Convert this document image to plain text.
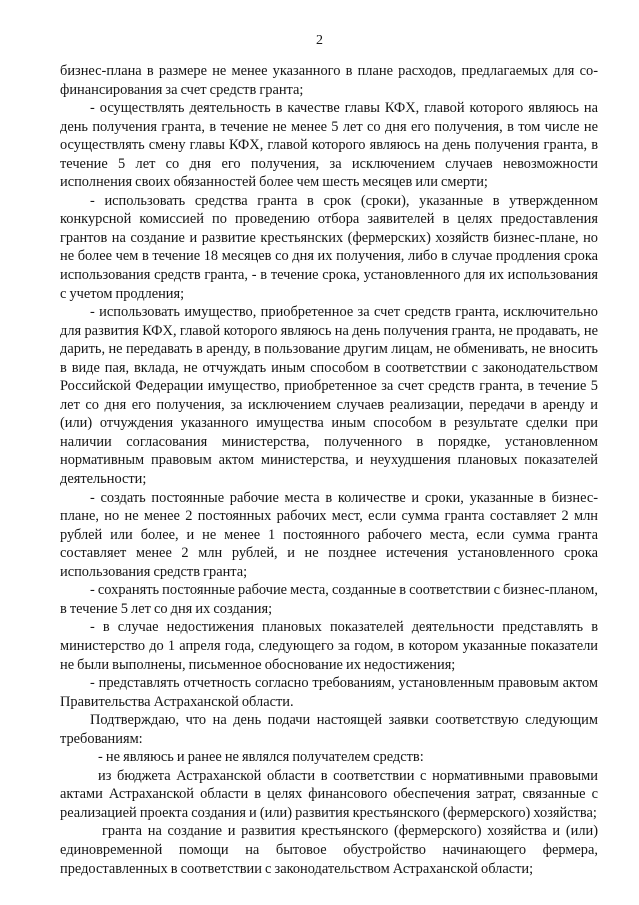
2

бизнес-плана в размере не менее указанного в плане расходов, предлагаемых для со-финансирования за счет средств гранта;

- осуществлять деятельность в качестве главы КФХ, главой которого являюсь на день получения гранта, в течение не менее 5 лет со дня его получения, в том числе не осуществлять смену главы КФХ, главой которого являюсь на день получения гранта, в течение 5 лет со дня его получения, за исключением случаев невозможности исполнения своих обязанностей более чем шесть месяцев или смерти;

- использовать средства гранта в срок (сроки), указанные в утвержденном конкурсной комиссией по проведению отбора заявителей в целях предоставления грантов на создание и развитие крестьянских (фермерских) хозяйств бизнес-плане, но не более чем в течение 18 месяцев со дня их получения, либо в случае продления срока использования средств гранта, - в течение срока, установленного для их использования с учетом продления;

- использовать имущество, приобретенное за счет средств гранта, исключительно для развития КФХ, главой которого являюсь на день получения гранта, не продавать, не дарить, не передавать в аренду, в пользование другим лицам, не обменивать, не вносить в виде пая, вклада, не отчуждать иным способом в соответствии с законодательством Российской Федерации имущество, приобретенное за счет средств гранта, в течение 5 лет со дня его получения, за исключением случаев реализации, передачи в аренду и (или) отчуждения указанного имущества иным способом в результате сделки при наличии согласования министерства, полученного в порядке, установленном нормативным правовым актом министерства, и неухудшения плановых показателей деятельности;

- создать постоянные рабочие места в количестве и сроки, указанные в бизнес-плане, но не менее 2 постоянных рабочих мест, если сумма гранта составляет 2 млн рублей или более, и не менее 1 постоянного рабочего места, если сумма гранта составляет менее 2 млн рублей, и не позднее истечения установленного срока использования средств гранта;

- сохранять постоянные рабочие места, созданные в соответствии с бизнес-планом, в течение 5 лет со дня их создания;

- в случае недостижения плановых показателей деятельности представлять в министерство до 1 апреля года, следующего за годом, в котором указанные показатели не были выполнены, письменное обоснование их недостижения;

- представлять отчетность согласно требованиям, установленным правовым актом Правительства Астраханской области.

Подтверждаю, что на день подачи настоящей заявки соответствую следующим требованиям:

- не являюсь и ранее не являлся получателем средств:

из бюджета Астраханской области в соответствии с нормативными правовыми актами Астраханской области в целях финансового обеспечения затрат, связанные с реализацией проекта создания и (или) развития крестьянского (фермерского) хозяйства;

гранта на создание и развития крестьянского (фермерского) хозяйства и (или) единовременной помощи на бытовое обустройство начинающего фермера, предоставленных в соответствии с законодательством Астраханской области;
